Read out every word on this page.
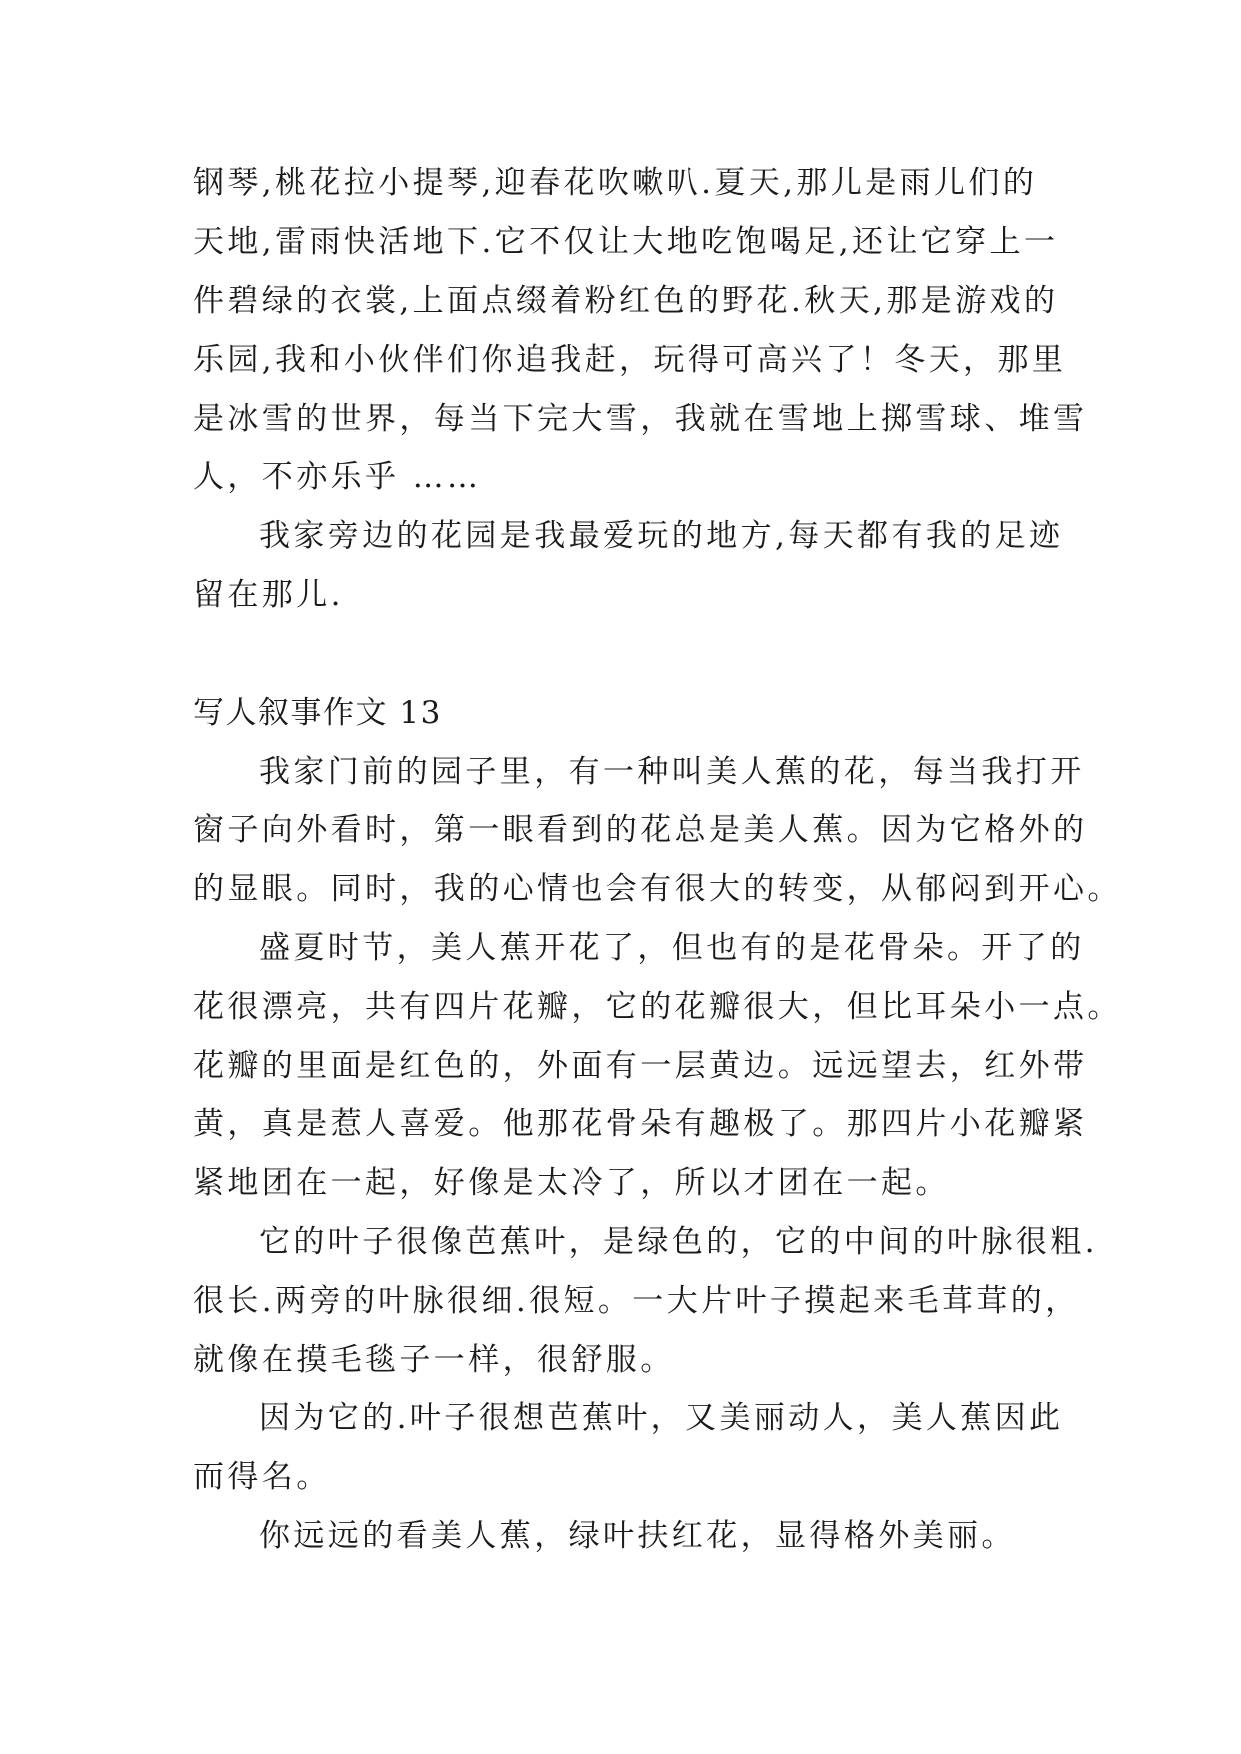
钢琴,桃花拉小提琴,迎春花吹嗽叭.夏天,那儿是雨儿们的
天地,雷雨快活地下.它不仅让大地吃饱喝足,还让它穿上一
件碧绿的衣裳,上面点缀着粉红色的野花.秋天,那是游戏的
乐园,我和小伙伴们你追我赶，玩得可高兴了！冬天，那里
是冰雪的世界，每当下完大雪，我就在雪地上掷雪球、堆雪
人，不亦乐乎 ……
我家旁边的花园是我最爱玩的地方,每天都有我的足迹
留在那儿.
写人叙事作文 13
我家门前的园子里，有一种叫美人蕉的花，每当我打开
窗子向外看时，第一眼看到的花总是美人蕉。因为它格外的
的显眼。同时，我的心情也会有很大的转变，从郁闷到开心。
盛夏时节，美人蕉开花了，但也有的是花骨朵。开了的
花很漂亮，共有四片花瓣，它的花瓣很大，但比耳朵小一点。
花瓣的里面是红色的，外面有一层黄边。远远望去，红外带
黄，真是惹人喜爱。他那花骨朵有趣极了。那四片小花瓣紧
紧地团在一起，好像是太冷了，所以才团在一起。
它的叶子很像芭蕉叶，是绿色的，它的中间的叶脉很粗.
很长.两旁的叶脉很细.很短。一大片叶子摸起来毛茸茸的，
就像在摸毛毯子一样，很舒服。
因为它的.叶子很想芭蕉叶，又美丽动人，美人蕉因此
而得名。
你远远的看美人蕉，绿叶扶红花，显得格外美丽。
